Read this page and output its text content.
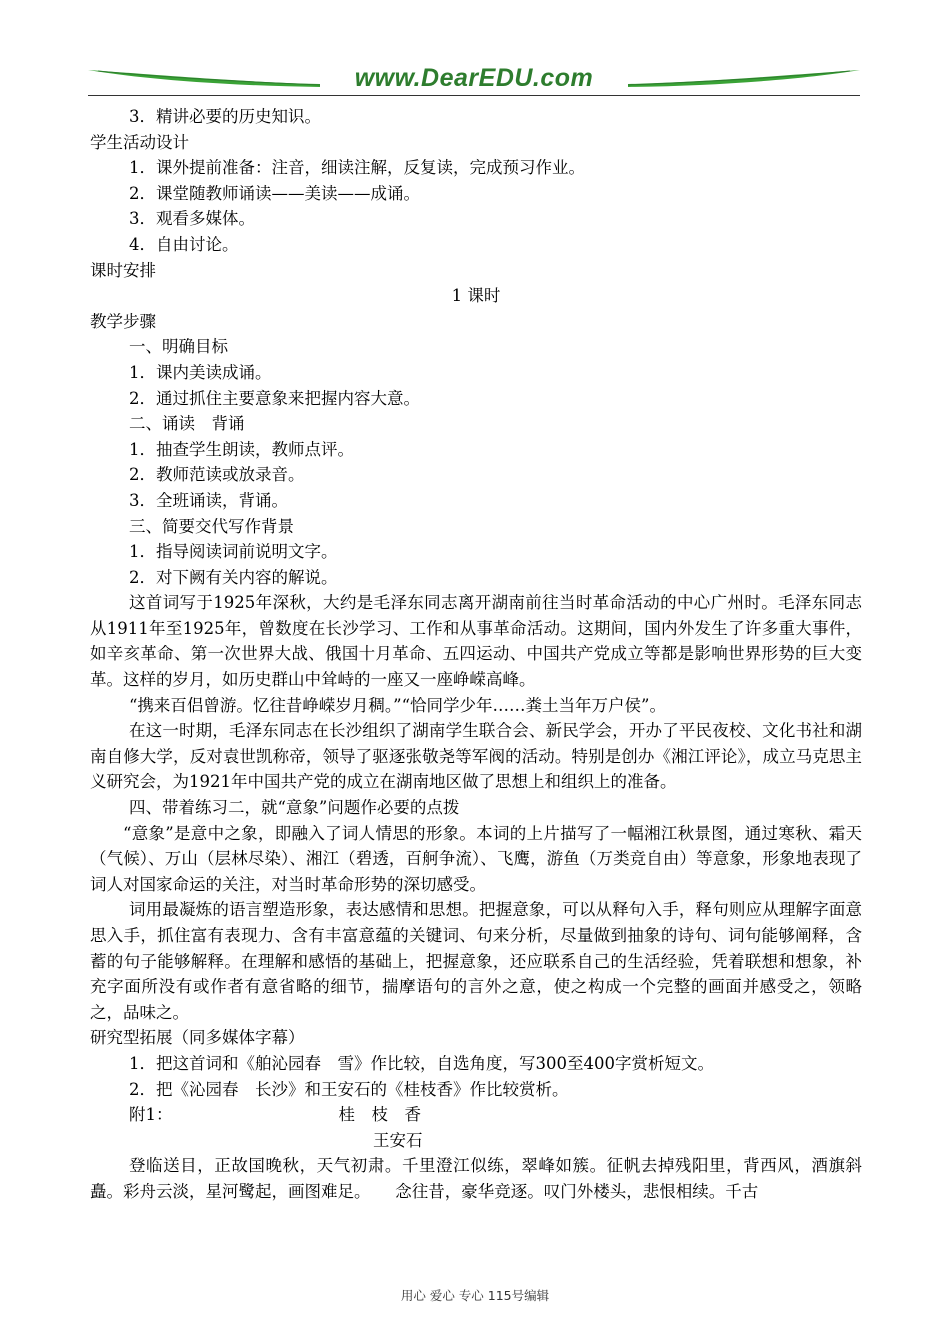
www.DearEDU.com
3．精讲必要的历史知识。
学生活动设计
1．课外提前准备：注音，细读注解，反复读，完成预习作业。
2．课堂随教师诵读——美读——成诵。
3．观看多媒体。
4．自由讨论。
课时安排
1 课时
教学步骤
一、明确目标
1．课内美读成诵。
2．通过抓住主要意象来把握内容大意。
二、诵读　背诵
1．抽查学生朗读，教师点评。
2．教师范读或放录音。
3．全班诵读，背诵。
三、简要交代写作背景
1．指导阅读词前说明文字。
2．对下阙有关内容的解说。

这首词写于1925年深秋，大约是毛泽东同志离开湖南前往当时革命活动的中心广州时。毛泽东同志从1911年至1925年，曾数度在长沙学习、工作和从事革命活动。这期间，国内外发生了许多重大事件，如辛亥革命、第一次世界大战、俄国十月革命、五四运动、中国共产党成立等都是影响世界形势的巨大变革。这样的岁月，如历史群山中耸峙的一座又一座峥嵘高峰。

“携来百侣曾游。忆往昔峥嵘岁月稠。”“恰同学少年……粪土当年万户侯”。

在这一时期，毛泽东同志在长沙组织了湖南学生联合会、新民学会，开办了平民夜校、文化书社和湖南自修大学，反对袁世凯称帝，领导了驱逐张敬尧等军阀的活动。特别是创办《湘江评论》，成立马克思主义研究会，为1921年中国共产党的成立在湖南地区做了思想上和组织上的准备。

四、带着练习二，就“意象”问题作必要的点拨

“意象”是意中之象，即融入了词人情思的形象。本词的上片描写了一幅湘江秋景图，通过寒秋、霜天（气候）、万山（层林尽染）、湘江（碧透，百舸争流）、飞鹰，游鱼（万类竞自由）等意象，形象地表现了词人对国家命运的关注，对当时革命形势的深切感受。

词用最凝炼的语言塑造形象，表达感情和思想。把握意象，可以从释句入手，释句则应从理解字面意思入手，抓住富有表现力、含有丰富意蕴的关键词、句来分析，尽量做到抽象的诗句、词句能够阐释，含蓄的句子能够解释。在理解和感悟的基础上，把握意象，还应联系自己的生活经验，凭着联想和想象，补充字面所没有或作者有意省略的细节，揣摩语句的言外之意，使之构成一个完整的画面并感受之，领略之，品味之。

研究型拓展（同多媒体字幕）
1．把这首词和《舶沁园春　雪》作比较，自选角度，写300至400字赏析短文。
2．把《沁园春　长沙》和王安石的《桂枝香》作比较赏析。
附1：	桂　枝　香
王安石

登临送目，正故国晚秋，天气初肃。千里澄江似练，翠峰如簇。征帆去掉残阳里，背西风，酒旗斜矗。彩舟云淡，星河鹭起，画图难足。　　念往昔，豪华竞逐。叹门外楼头，悲恨相续。千古

用心 爱心 专心 115号编辑
